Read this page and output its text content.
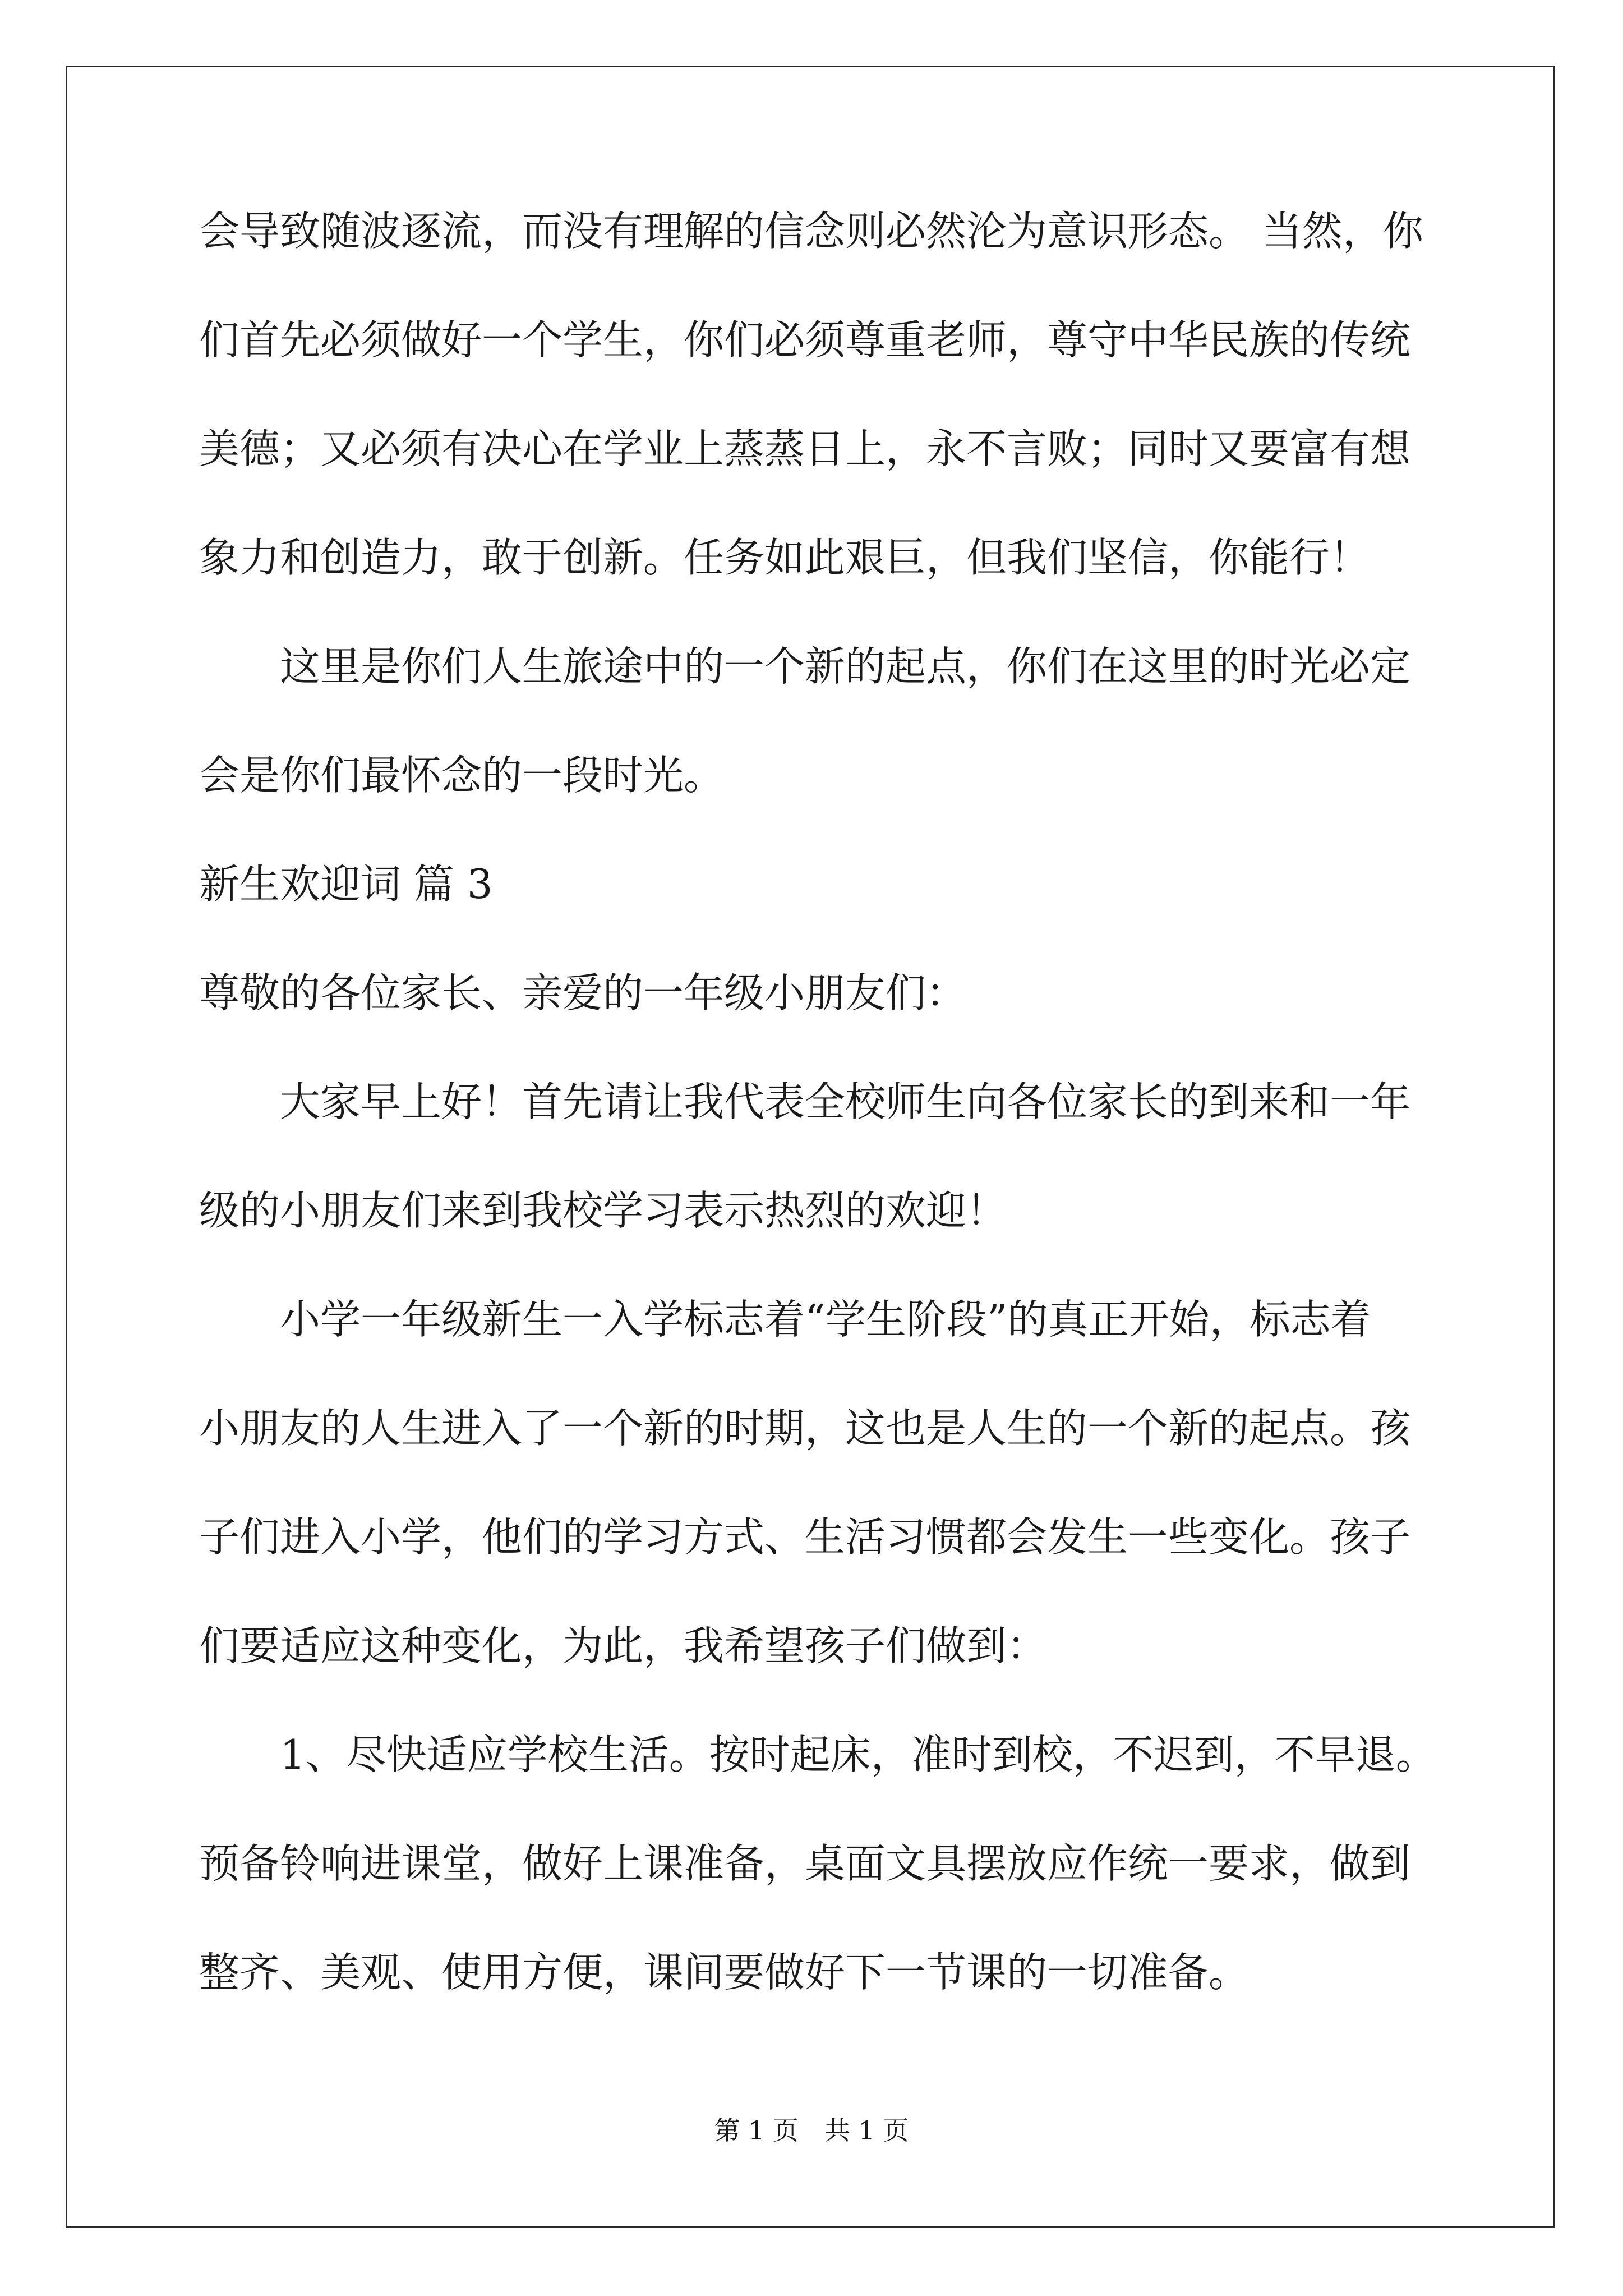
会导致随波逐流，而没有理解的信念则必然沦为意识形态。 当然，你
们首先必须做好一个学生，你们必须尊重老师，尊守中华民族的传统
美德；又必须有决心在学业上蒸蒸日上，永不言败；同时又要富有想
象力和创造力，敢于创新。任务如此艰巨，但我们坚信，你能行！
这里是你们人生旅途中的一个新的起点，你们在这里的时光必定
会是你们最怀念的一段时光。
新生欢迎词 篇 3
尊敬的各位家长、亲爱的一年级小朋友们：
大家早上好！首先请让我代表全校师生向各位家长的到来和一年
级的小朋友们来到我校学习表示热烈的欢迎！
小学一年级新生一入学标志着“学生阶段”的真正开始，标志着
小朋友的人生进入了一个新的时期，这也是人生的一个新的起点。孩
子们进入小学，他们的学习方式、生活习惯都会发生一些变化。孩子
们要适应这种变化，为此，我希望孩子们做到：
1、尽快适应学校生活。按时起床，准时到校，不迟到，不早退。
预备铃响进课堂，做好上课准备，桌面文具摆放应作统一要求，做到
整齐、美观、使用方便，课间要做好下一节课的一切准备。
第 1 页　共 1 页
